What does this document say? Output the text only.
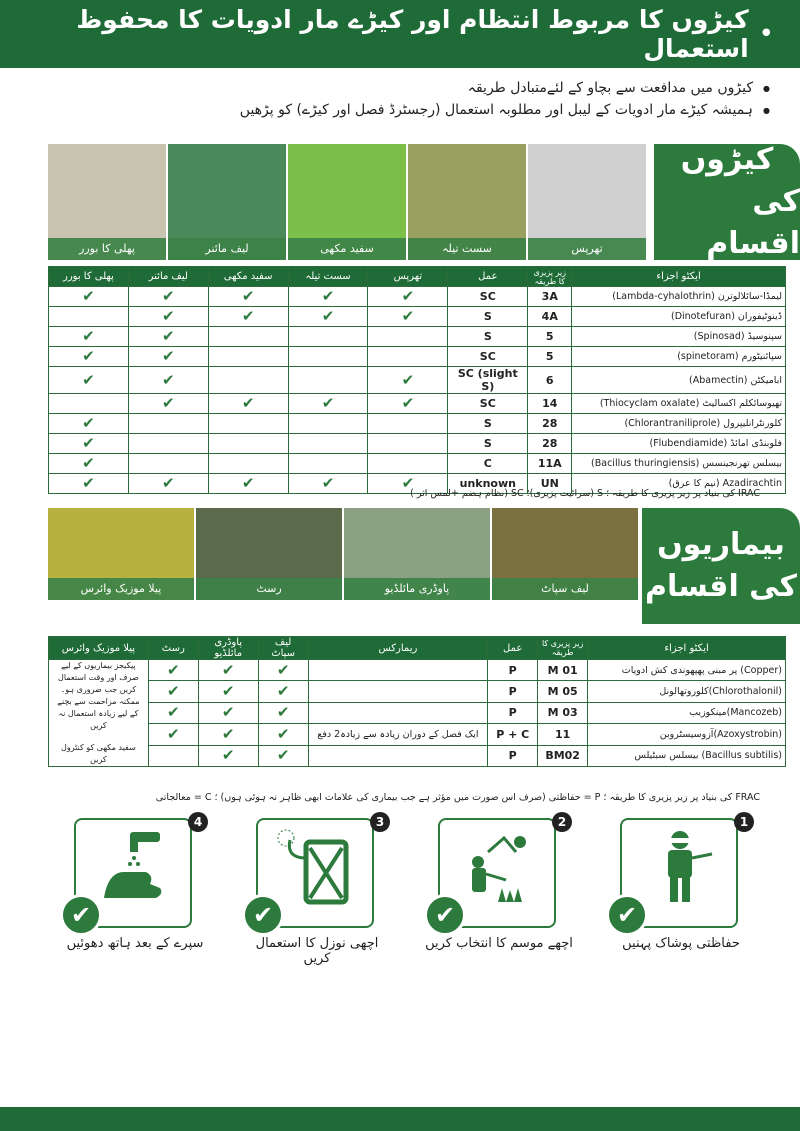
•
کیڑوں کا مربوط انتظام اور کیڑے مار ادویات کا محفوظ استعمال
● کیڑوں میں مدافعت سے بچاو کے لئےمتبادل طریقہ
● ہمیشہ کیڑے مار ادویات کے لیبل اور مطلوبہ استعمال (رجسٹرڈ فصل اور کیڑے) کو پڑھیں
پھلی کا بورر	لیف مائنر	سفید مکھی	سست تیلہ	تھرپس
کیڑوں
کی اقسام
پھلی کا بورر	لیف مائنر	سفید مکھی	سست تیلہ	تھرپس	عمل	زیر پزیری کا طریقہ	ایکٹو اجزاء
✔	✔	✔	✔	✔	SC	3A	لیمڈا-سائلالوترن (Lambda-cyhalothrin)
	✔	✔	✔	✔	S	4A	ڈینوٹیفوران (Dinotefuran)
✔	✔				S	5	سپنوسیڈ (Spinosad)
✔	✔				SC	5	سپائنیٹورم (spinetoram)
✔	✔			✔	SC (slight S)	6	ابامیکٹن (Abamectin)
	✔	✔	✔	✔	SC	14	تھیوسائکلم اکسالیٹ (Thiocyclam oxalate)
✔					S	28	کلورنٹرانلیپرول (Chlorantraniliprole)
✔					S	28	فلوبنڈی امائڈ (Flubendiamide)
✔					C	11A	بیسلس تھرنجینسس (Bacillus thuringiensis)
✔	✔	✔	✔	✔	unknown	UN	Azadirachtin (نیم کا عرق)
IRAC کی بنیاد پر زیر پزیری کا طریقہ ؛ S (سرائیت پزیری)؛ SC (نظام ہضم +لمس اثر )
پیلا موزیک وائرس	رسٹ	پاوڈری مائلڈیو	لیف سپاٹ
بیماریوں
کی اقسام
پیلا موزیک وائرس	رسٹ	پاوڈری مائلڈیو	لیف سپاٹ	ریمارکس	عمل	زیر پزیری کا طریقہ	ایکٹو اجزاء

پیکیجز بیماریوں کے لیے صرف اور وقت استعمال کریں جب ضروری ہو۔ ممکنہ مزاحمت سے بچنے کے لیے زیادہ استعمال نہ کریں
سفید مکھی کو کنٹرول کریں	✔	✔	✔		P	M 01	(Copper) پر مبنی پھپھوندی کش ادویات
	✔	✔	✔		P	M 05	(Chlorothalonil)کلوروتھالونل
	✔	✔	✔		P	M 03	(Mancozeb)مینکوزیب
	✔	✔	✔	ایک فصل کے دوران زیادہ سے زیادہ2 دفع	P + C	11	(Azoxystrobin)آزوسیسٹروبن
		✔	✔		P	BM02	(Bacillus subtilis) بیسلس سبٹیلس
FRAC کی بنیاد پر زیر پزیری کا طریقہ ؛ P = حفاظتی (صرف اس صورت میں مؤثر ہے جب بیماری کی علامات ابھی ظاہر نہ ہوئی ہوں) ؛ C = معالجاتی
4
✔
سپرے کے بعد ہاتھ دھوئیں
3
✔
اچھی نوزل کا استعمال کریں
2
✔
اچھے موسم کا انتخاب کریں
1
✔
حفاظتی پوشاک پہنیں
